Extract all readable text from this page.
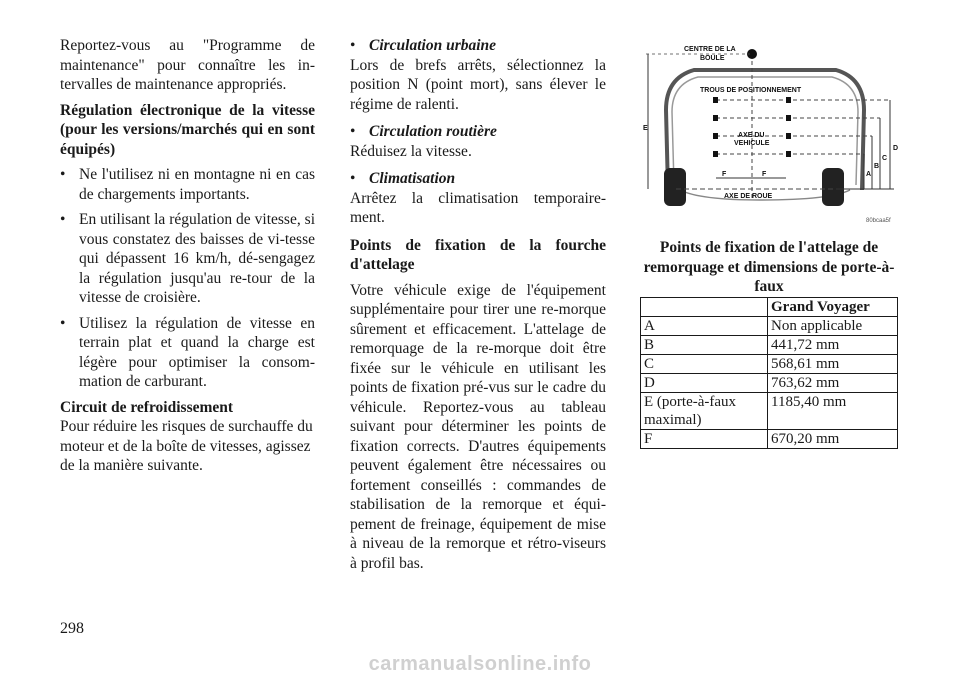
Reportez-vous au "Programme de maintenance" pour connaître les in-tervalles de maintenance appropriés.

Régulation électronique de la vitesse (pour les versions/marchés qui en sont équipés)

• Ne l'utilisez ni en montagne ni en cas de chargements importants.

• En utilisant la régulation de vitesse, si vous constatez des baisses de vi-tesse qui dépassent 16 km/h, dé-sengagez la régulation jusqu'au re-tour de la vitesse de croisière.

• Utilisez la régulation de vitesse en terrain plat et quand la charge est légère pour optimiser la consom-mation de carburant.

Circuit de refroidissement

Pour réduire les risques de surchauffe du moteur et de la boîte de vitesses, agissez de la manière suivante.

• Circulation urbaine

Lors de brefs arrêts, sélectionnez la position N (point mort), sans élever le régime de ralenti.

• Circulation routière

Réduisez la vitesse.

• Climatisation

Arrêtez la climatisation temporaire-ment.

Points de fixation de la fourche d'attelage

Votre véhicule exige de l'équipement supplémentaire pour tirer une re-morque sûrement et efficacement. L'attelage de remorquage de la re-morque doit être fixée sur le véhicule en utilisant les points de fixation pré-vus sur le cadre du véhicule. Reportez-vous au tableau suivant pour déterminer les points de fixation corrects. D'autres équipements peuvent également être nécessaires ou fortement conseillés : commandes de stabilisation de la remorque et équi-pement de freinage, équipement de mise à niveau de la remorque et rétro-viseurs à profil bas.

CENTRE DE LA
BOULE
TROUS DE POSITIONNEMENT
AXE DU
VEHICULE
AXE DE ROUE
F	F
E
D
C
B
A
80bcaa5f
Points de fixation de l'attelage de remorquage et dimensions de porte-à-faux
	Grand Voyager
A	Non applicable
B	441,72 mm
C	568,61 mm
D	763,62 mm
E (porte-à-faux maximal)	1185,40 mm
F	670,20 mm
298
carmanualsonline.info
